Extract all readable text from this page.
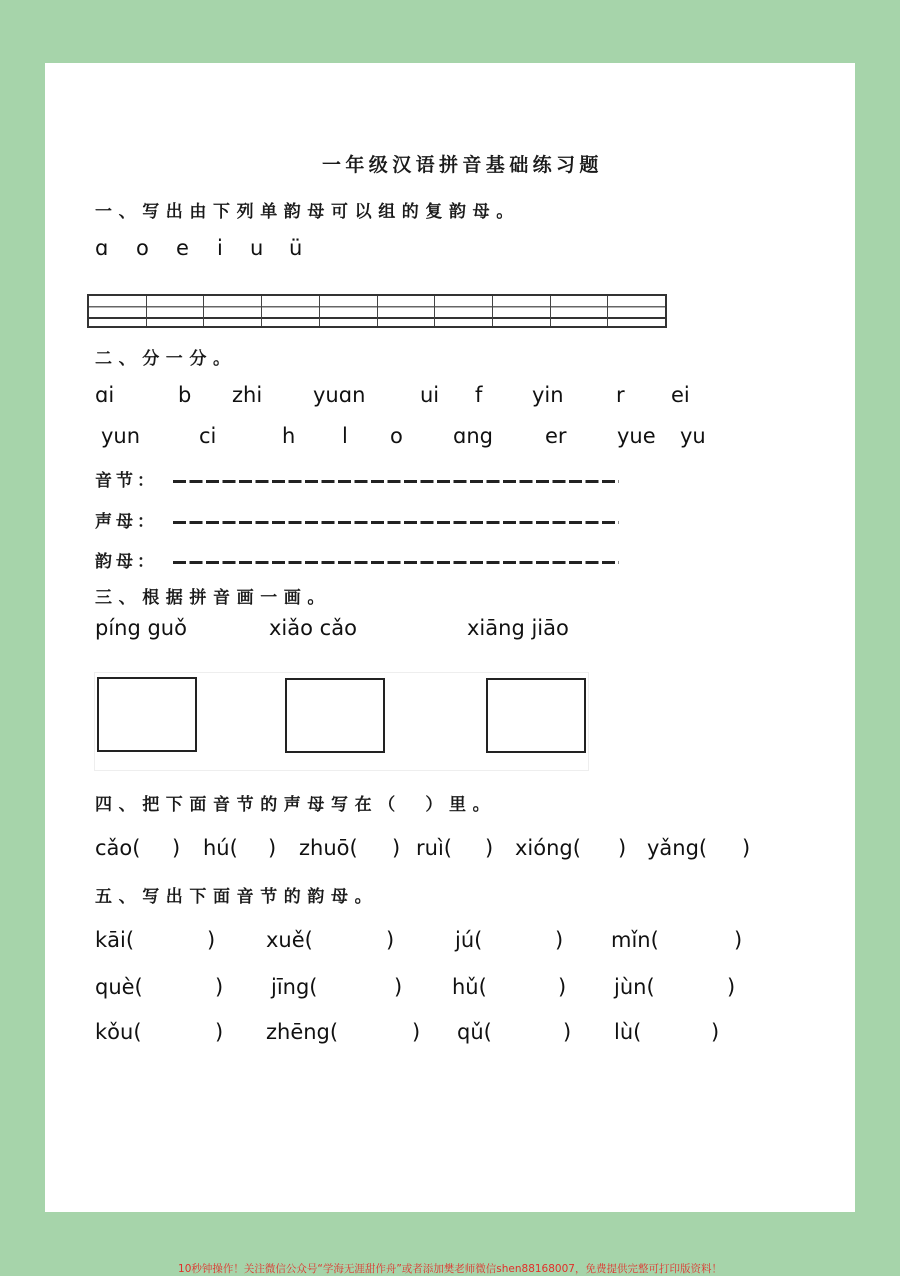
一年级汉语拼音基础练习题
一、写出由下列单韵母可以组的复韵母。
ɑ o e i u ü
二、分一分。
ɑi	b zhi yuɑn	ui f yin r ei
yun	ci	h l o ɑng er yue yu
音节：
声母：
韵母：
三、根据拼音画一画。
píng guǒ	xiǎo cǎo	xiāng jiāo
四、把下面音节的声母写在（　）里。
cǎo( ) hú( ) zhuō( ) ruì( ) xióng( ) yǎng( )
五、写出下面音节的韵母。
kāi(	) xuě(	)	jú(	) mǐn(	)
què(	) jīng(	) hǔ(	) jùn(	)
kǒu(	) zhēng(	) qǔ(	) lù(	)
10秒钟操作！关注微信公众号“学海无涯甜作舟”或者添加樊老师微信shen88168007，免费提供完整可打印版资料！
